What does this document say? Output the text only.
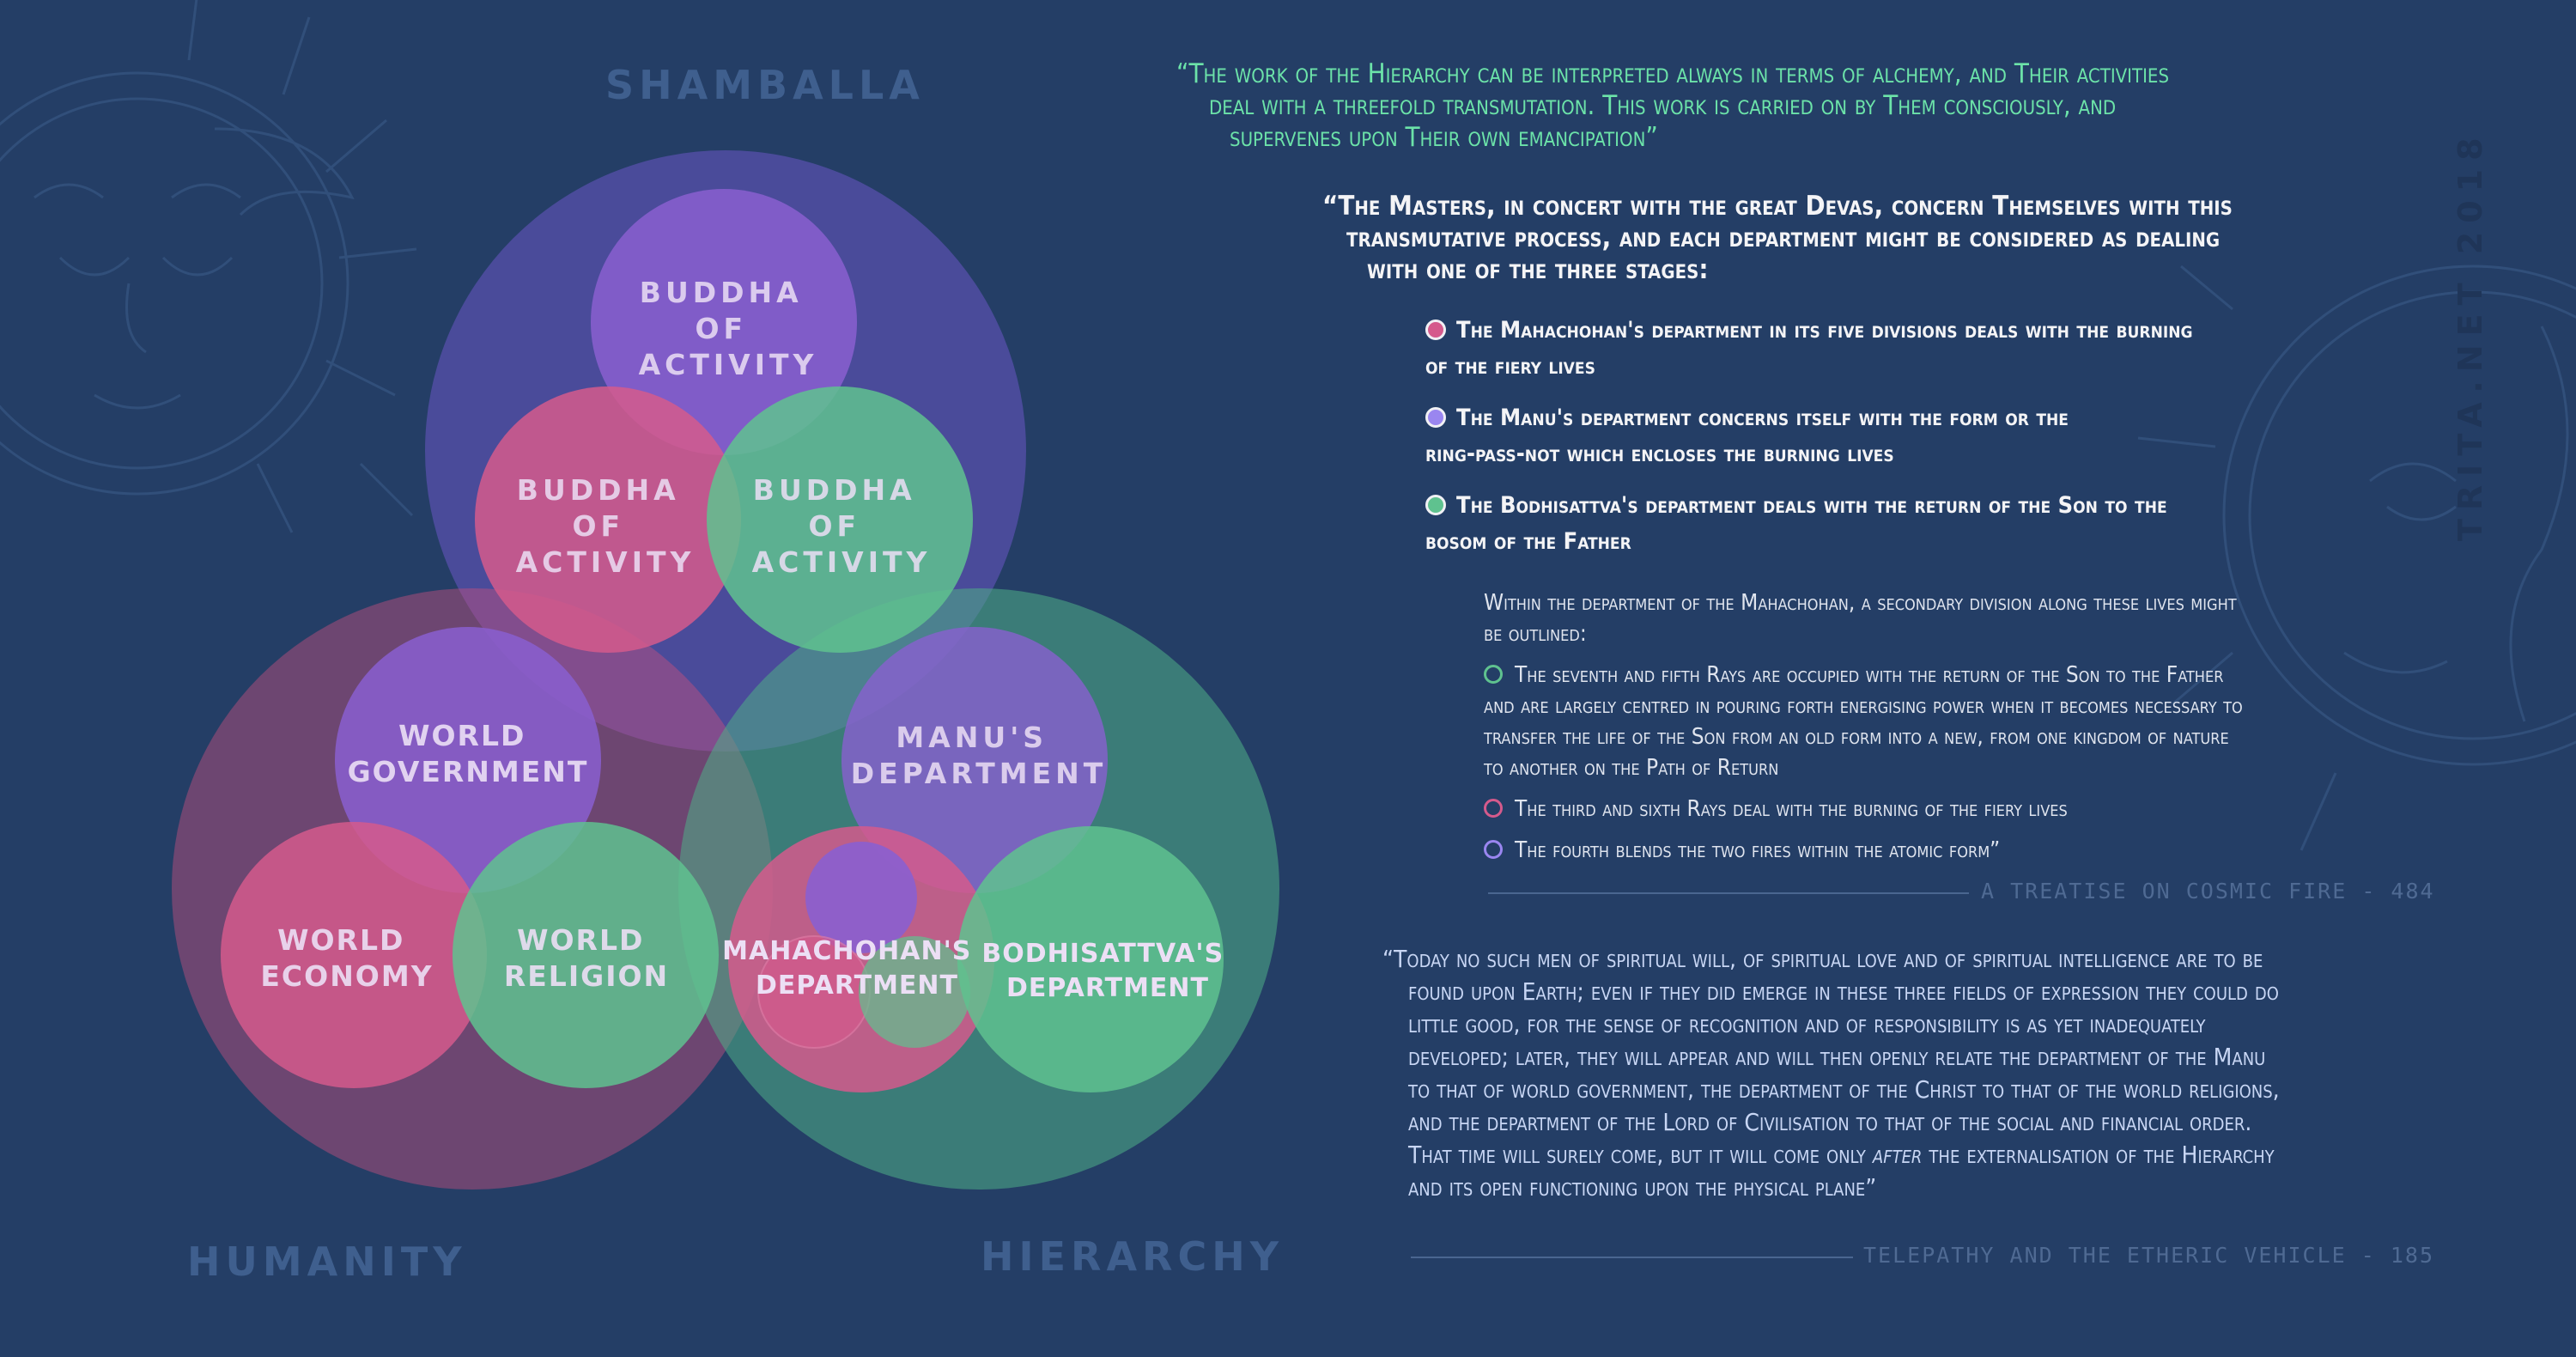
BUDDHA OF ACTIVITY
BUDDHA OF ACTIVITY
BUDDHA OF ACTIVITY
WORLD GOVERNMENT
WORLD ECONOMY
WORLD RELIGION
MANU'S DEPARTMENT
MAHACHOHAN'S DEPARTMENT
BODHISATTVA'S DEPARTMENT
SHAMBALLA
HUMANITY	HIERARCHY
TRITA.NET 2018
“The work of the Hierarchy can be interpreted always in terms of alchemy, and Their activities
deal with a threefold transmutation. This work is carried on by Them consciously, and
supervenes upon Their own emancipation”
“The Masters, in concert with the great Devas, concern Themselves with this
transmutative process, and each department might be considered as dealing
with one of the three stages:
The Mahachohan's department in its five divisions deals with the burning
of the fiery lives
The Manu's department concerns itself with the form or the
ring-pass-not which encloses the burning lives
The Bodhisattva's department deals with the return of the Son to the
bosom of the Father
Within the department of the Mahachohan, a secondary division along these lives might
be outlined:
The seventh and fifth Rays are occupied with the return of the Son to the Father
and are largely centred in pouring forth energising power when it becomes necessary to
transfer the life of the Son from an old form into a new, from one kingdom of nature
to another on the Path of Return
The third and sixth Rays deal with the burning of the fiery lives
The fourth blends the two fires within the atomic form”
A TREATISE ON COSMIC FIRE - 484
“Today no such men of spiritual will, of spiritual love and of spiritual intelligence are to be
found upon Earth; even if they did emerge in these three fields of expression they could do
little good, for the sense of recognition and of responsibility is as yet inadequately
developed; later, they will appear and will then openly relate the department of the Manu
to that of world government, the department of the Christ to that of the world religions,
and the department of the Lord of Civilisation to that of the social and financial order.
That time will surely come, but it will come only after the externalisation of the Hierarchy
and its open functioning upon the physical plane”
TELEPATHY AND THE ETHERIC VEHICLE - 185
